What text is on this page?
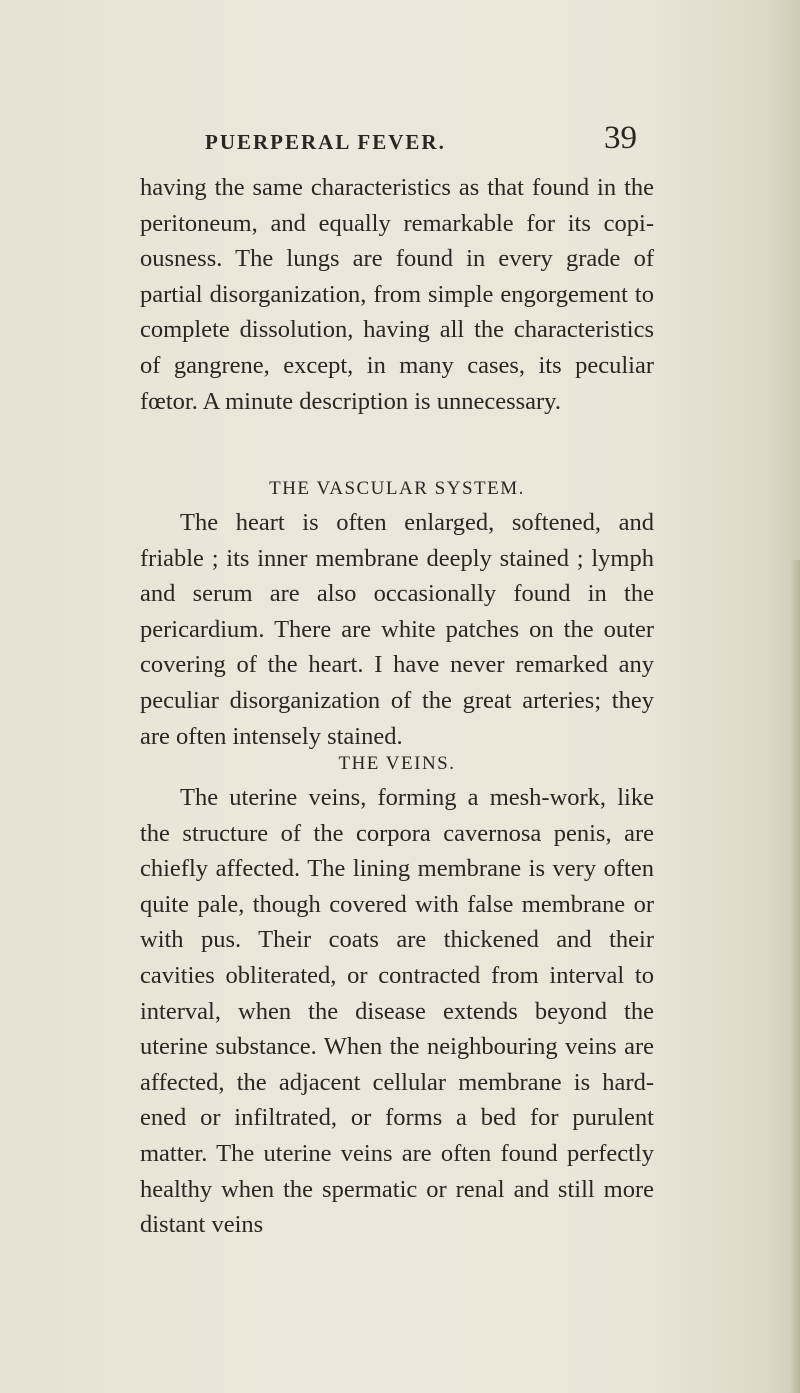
PUERPERAL FEVER.	39

having the same characteristics as that found in the peritoneum, and equally remarkable for its copiousness. The lungs are found in every grade of partial disorganization, from simple engorgement to complete dissolution, having all the characteristics of gangrene, except, in many cases, its peculiar fœtor. A minute description is unnecessary.

THE VASCULAR SYSTEM.

The heart is often enlarged, softened, and friable ; its inner membrane deeply stained ; lymph and serum are also occasionally found in the pericardium. There are white patches on the outer covering of the heart. I have never remarked any peculiar disorganization of the great arteries; they are often intensely stained.

THE VEINS.

The uterine veins, forming a mesh-work, like the structure of the corpora cavernosa penis, are chiefly affected. The lining membrane is very often quite pale, though covered with false membrane or with pus. Their coats are thickened and their cavities obliterated, or contracted from interval to interval, when the disease extends beyond the uterine substance. When the neighbouring veins are affected, the adjacent cellular membrane is hardened or infiltrated, or forms a bed for purulent matter. The uterine veins are often found perfectly healthy when the spermatic or renal and still more distant veins
